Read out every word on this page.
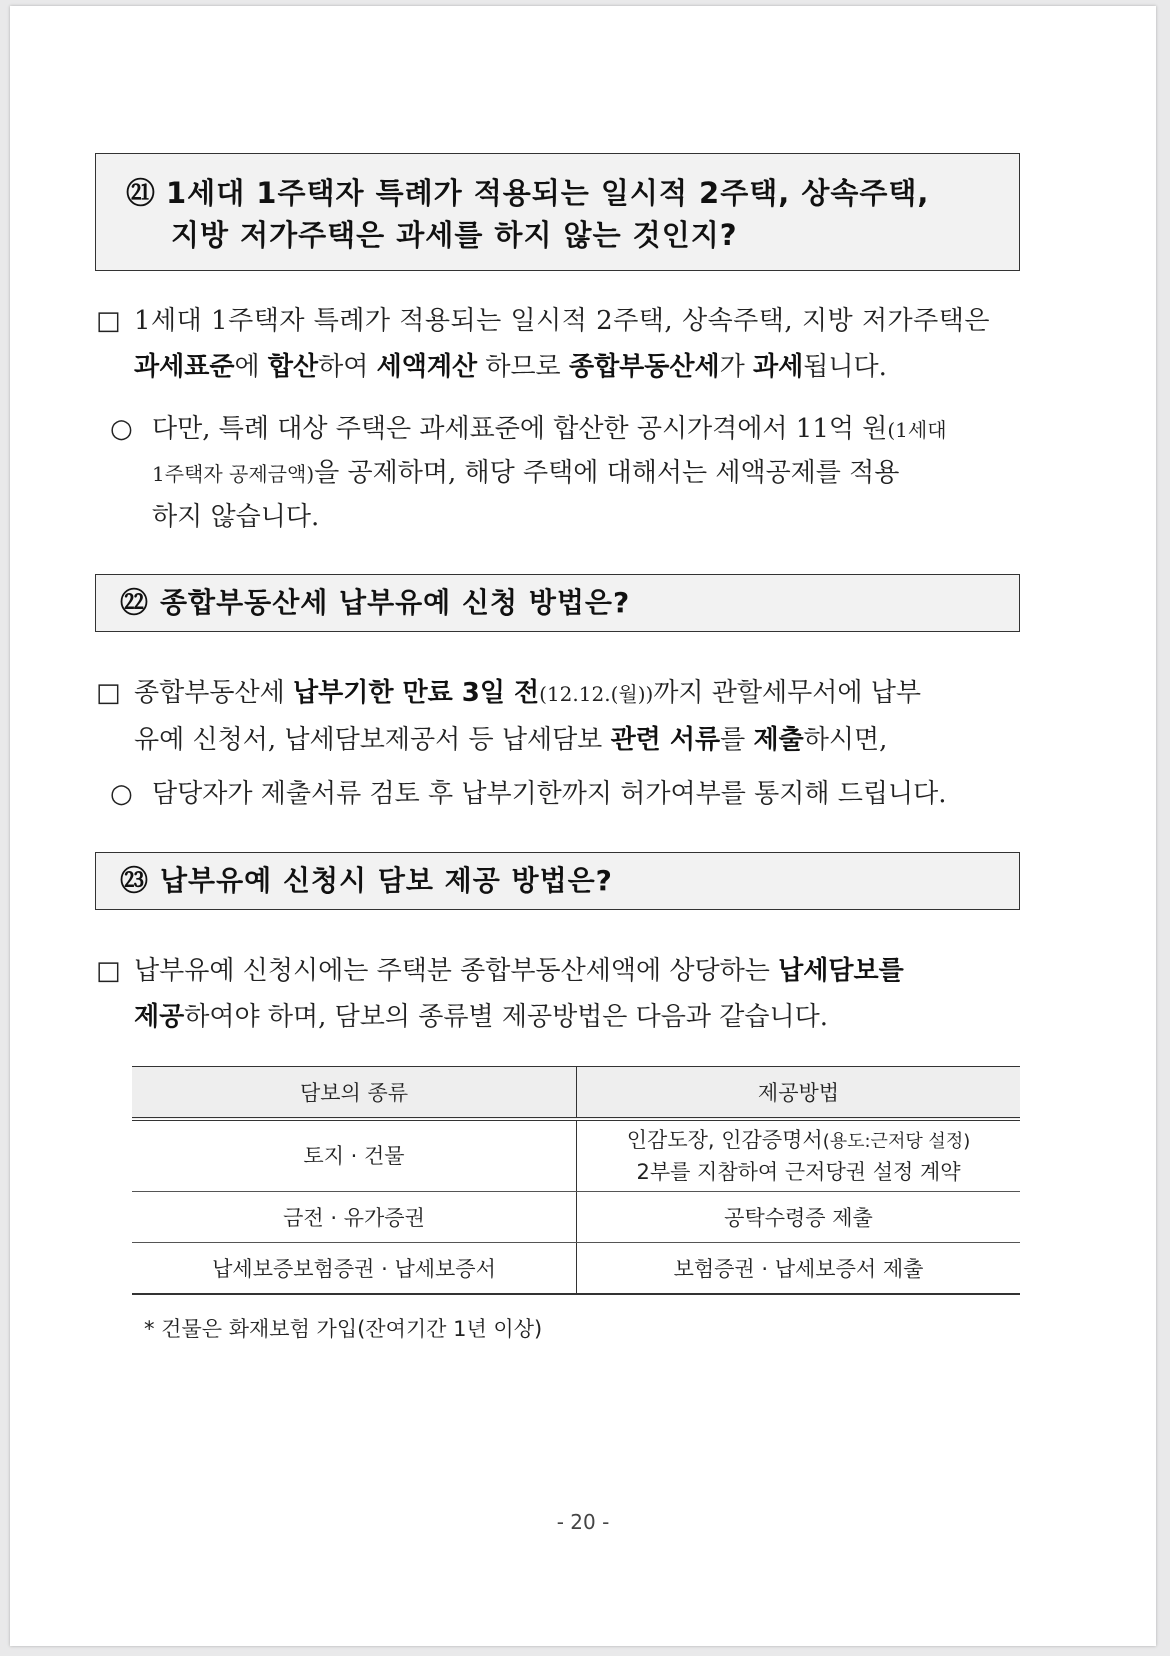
㉑ 1세대 1주택자 특례가 적용되는 일시적 2주택, 상속주택,
지방 저가주택은 과세를 하지 않는 것인지?
□ 1세대 1주택자 특례가 적용되는 일시적 2주택, 상속주택, 지방 저가주택은
과세표준에 합산하여 세액계산 하므로 종합부동산세가 과세됩니다.
○ 다만, 특례 대상 주택은 과세표준에 합산한 공시가격에서 11억 원(1세대
1주택자 공제금액)을 공제하며, 해당 주택에 대해서는 세액공제를 적용
하지 않습니다.
㉒ 종합부동산세 납부유예 신청 방법은?
□ 종합부동산세 납부기한 만료 3일 전(12.12.(월))까지 관할세무서에 납부
유예 신청서, 납세담보제공서 등 납세담보 관련 서류를 제출하시면,
○ 담당자가 제출서류 검토 후 납부기한까지 허가여부를 통지해 드립니다.
㉓ 납부유예 신청시 담보 제공 방법은?
□ 납부유예 신청시에는 주택분 종합부동산세액에 상당하는 납세담보를
제공하여야 하며, 담보의 종류별 제공방법은 다음과 같습니다.
담보의 종류	제공방법
토지 · 건물	인감도장, 인감증명서(용도:근저당 설정)
2부를 지참하여 근저당권 설정 계약

금전 · 유가증권	공탁수령증 제출
납세보증보험증권 · 납세보증서	보험증권 · 납세보증서 제출
* 건물은 화재보험 가입(잔여기간 1년 이상)
- 20 -
